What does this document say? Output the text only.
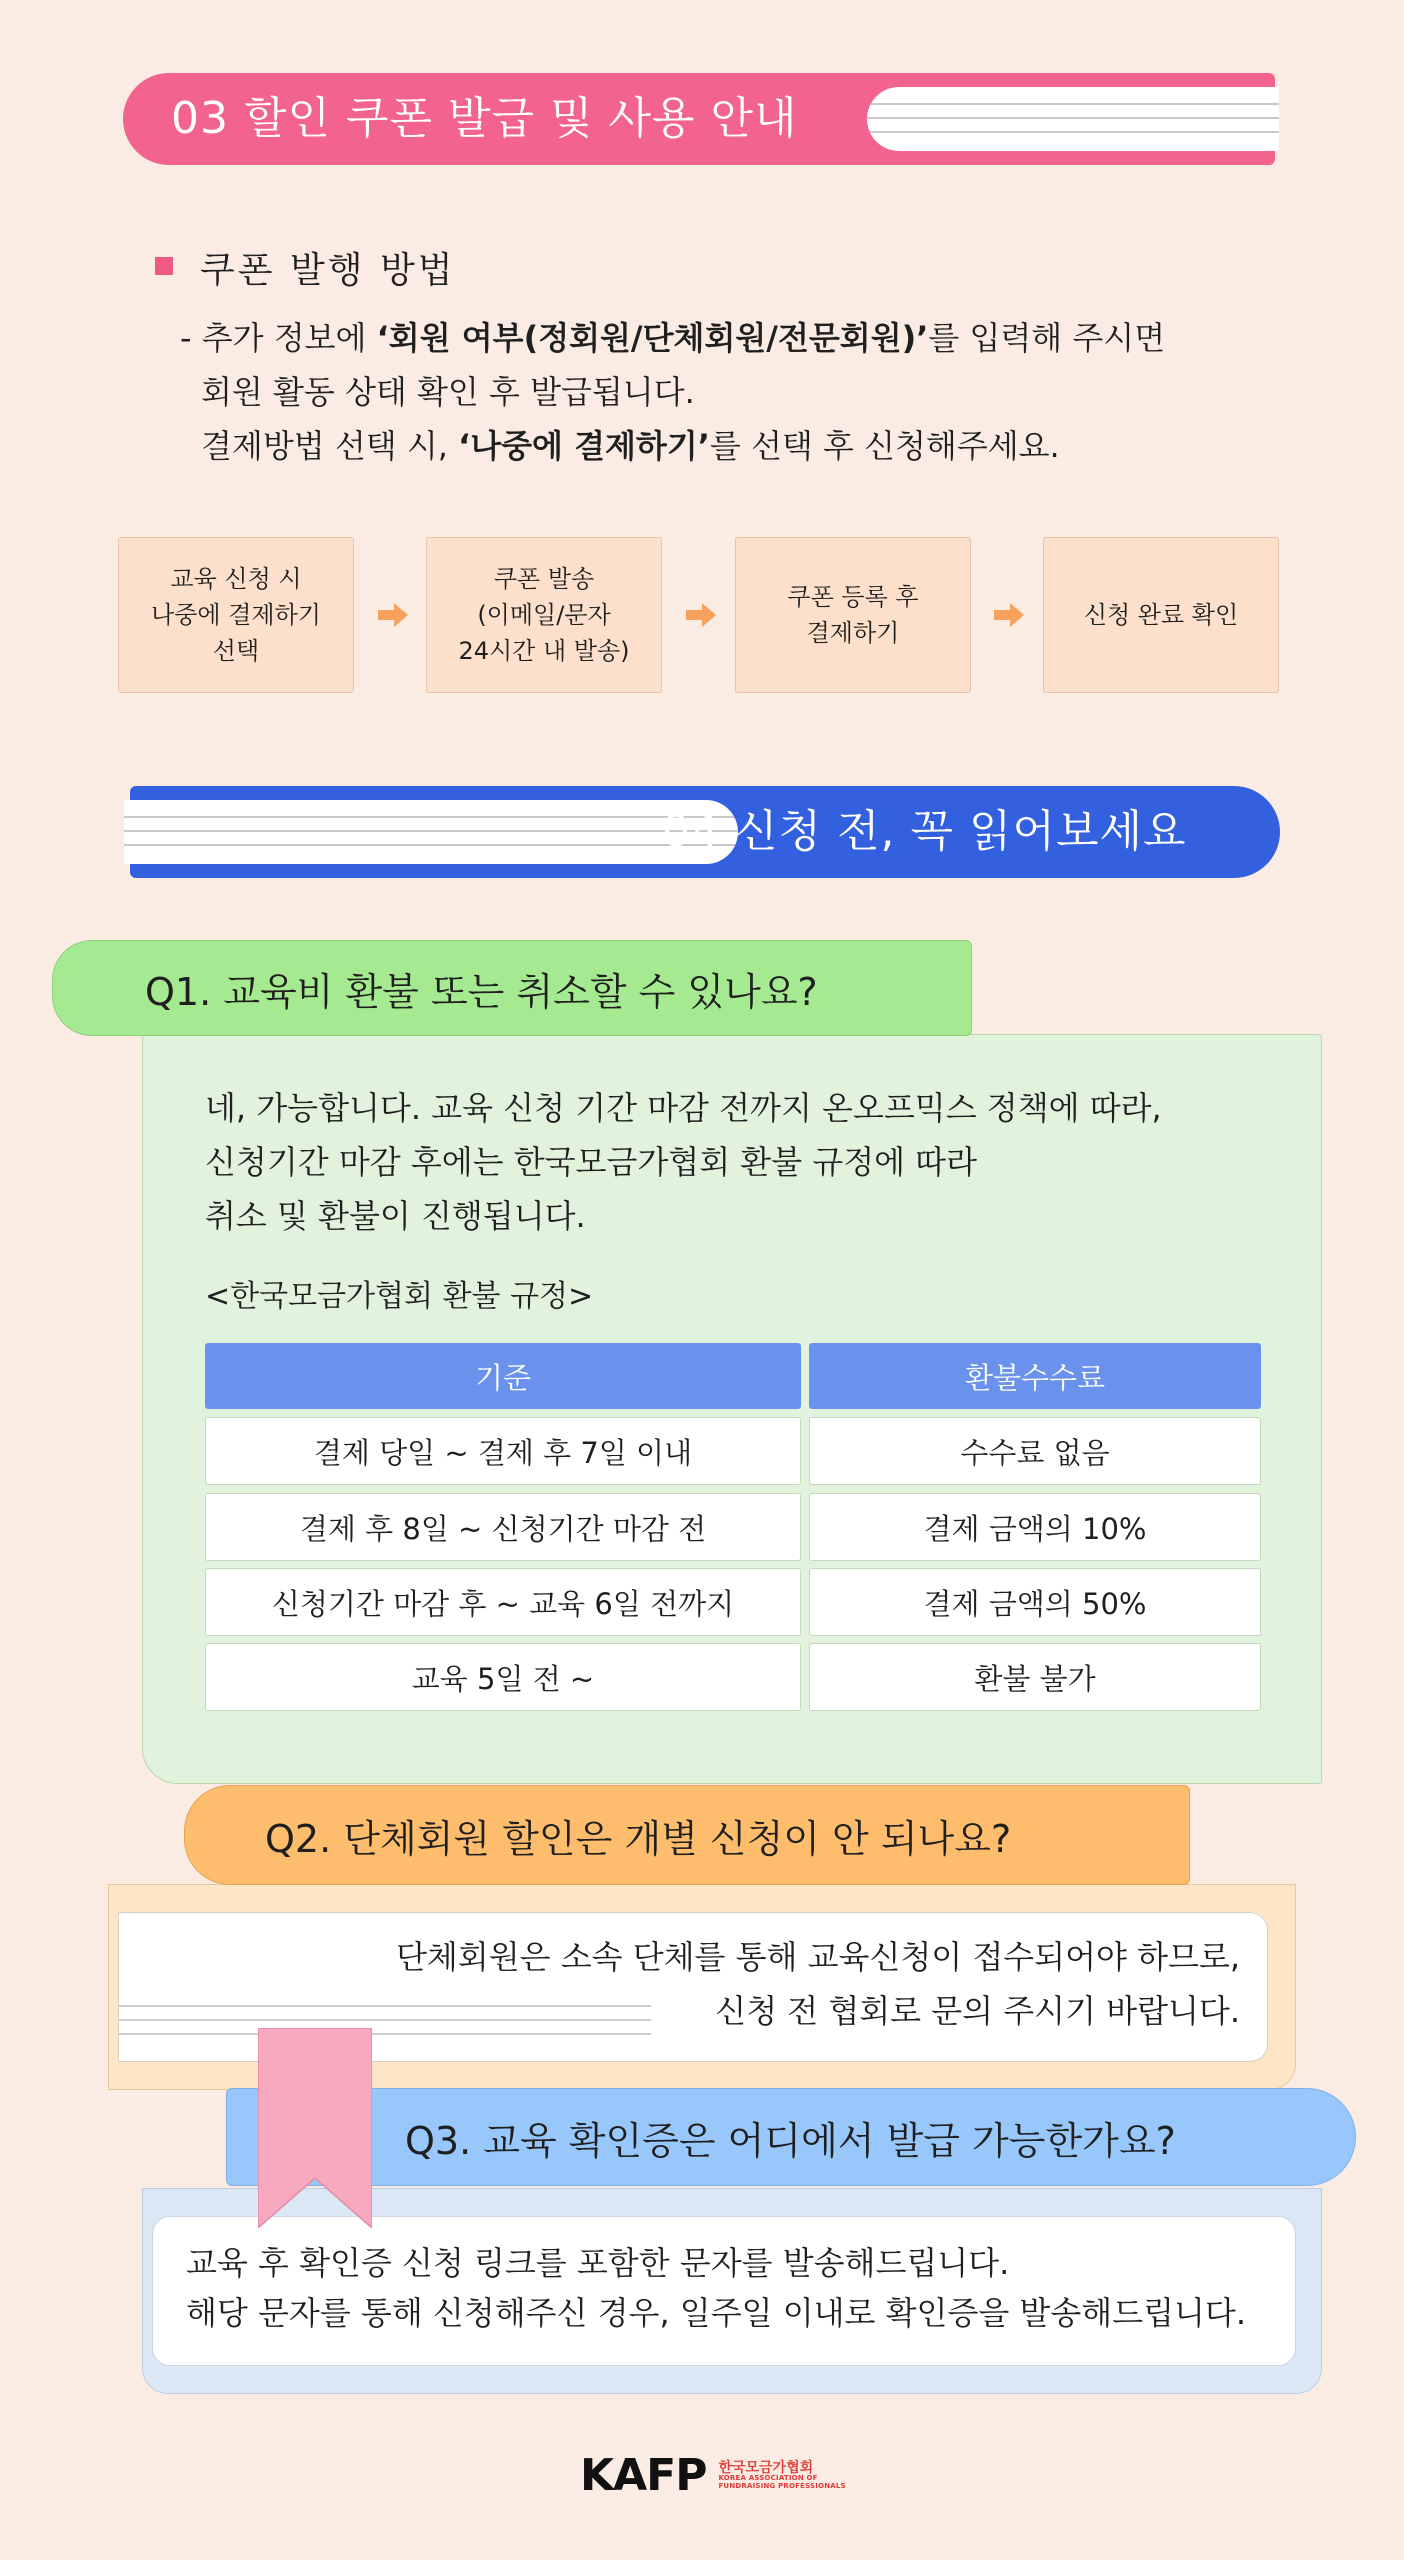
03 할인 쿠폰 발급 및 사용 안내
쿠폰 발행 방법
- 추가 정보에 ‘회원 여부(정회원/단체회원/전문회원)’를 입력해 주시면
회원 활동 상태 확인 후 발급됩니다.
결제방법 선택 시, ‘나중에 결제하기’를 선택 후 신청해주세요.
교육 신청 시
나중에 결제하기
선택
쿠폰 발송
(이메일/문자
24시간 내 발송)
쿠폰 등록 후
결제하기
신청 완료 확인
04 신청 전, 꼭 읽어보세요
네, 가능합니다. 교육 신청 기간 마감 전까지 온오프믹스 정책에 따라,
신청기간 마감 후에는 한국모금가협회 환불 규정에 따라
취소 및 환불이 진행됩니다.
<한국모금가협회 환불 규정>
기준	환불수수료
결제 당일 ~ 결제 후 7일 이내	수수료 없음
결제 후 8일 ~ 신청기간 마감 전	결제 금액의 10%
신청기간 마감 후 ~ 교육 6일 전까지	결제 금액의 50%
교육 5일 전 ~	환불 불가
Q1. 교육비 환불 또는 취소할 수 있나요?
단체회원은 소속 단체를 통해 교육신청이 접수되어야 하므로,
신청 전 협회로 문의 주시기 바랍니다.
Q2. 단체회원 할인은 개별 신청이 안 되나요?
교육 후 확인증 신청 링크를 포함한 문자를 발송해드립니다.
해당 문자를 통해 신청해주신 경우, 일주일 이내로 확인증을 발송해드립니다.
Q3. 교육 확인증은 어디에서 발급 가능한가요?
KAFP 한국모금가협회
KOREA ASSOCIATION OF
FUNDRAISING PROFESSIONALS
